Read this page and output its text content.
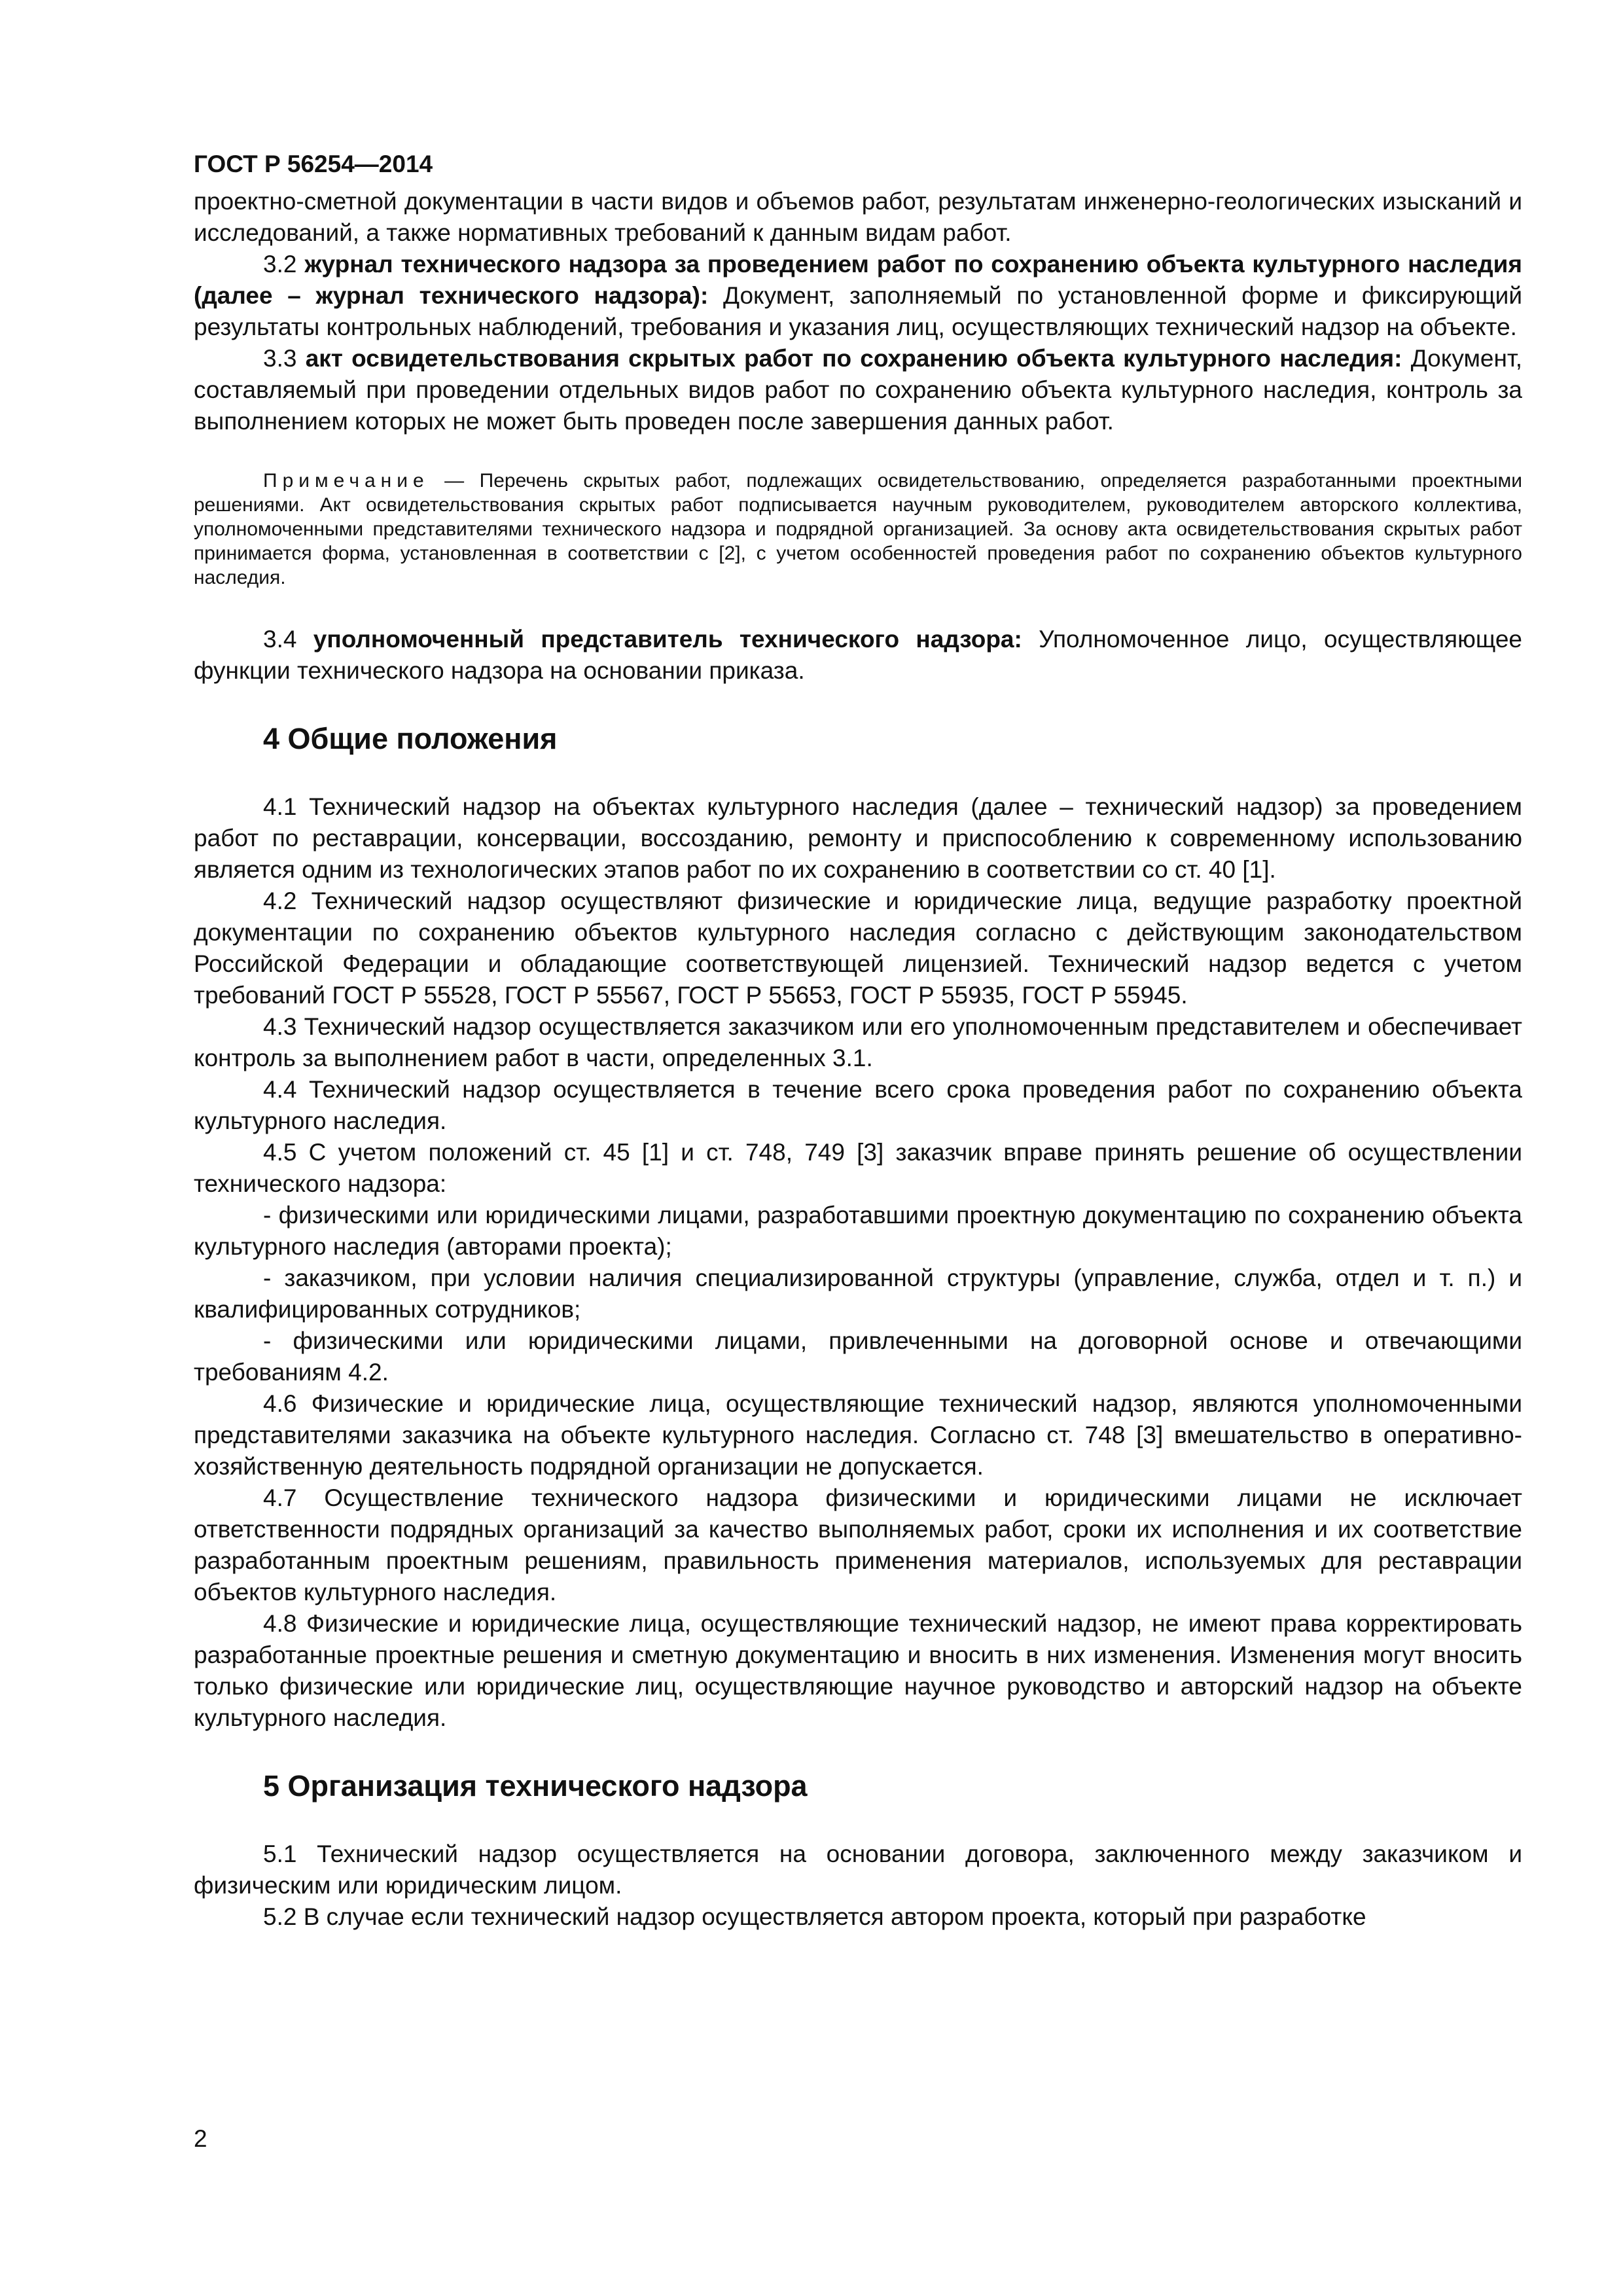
ГОСТ Р 56254—2014

проектно-сметной документации в части видов и объемов работ, результатам инженерно-геологических изысканий и исследований, а также нормативных требований к данным видам работ.

3.2 журнал технического надзора за проведением работ по сохранению объекта культурного наследия (далее – журнал технического надзора): Документ, заполняемый по установленной форме и фиксирующий результаты контрольных наблюдений, требования и указания лиц, осуществляющих технический надзор на объекте.

3.3 акт освидетельствования скрытых работ по сохранению объекта культурного наследия: Документ, составляемый при проведении отдельных видов работ по сохранению объекта культурного наследия, контроль за выполнением которых не может быть проведен после завершения данных работ.

Примечание — Перечень скрытых работ, подлежащих освидетельствованию, определяется разработанными проектными решениями. Акт освидетельствования скрытых работ подписывается научным руководителем, руководителем авторского коллектива, уполномоченными представителями технического надзора и подрядной организацией. За основу акта освидетельствования скрытых работ принимается форма, установленная в соответствии с [2], с учетом особенностей проведения работ по сохранению объектов культурного наследия.

3.4 уполномоченный представитель технического надзора: Уполномоченное лицо, осуществляющее функции технического надзора на основании приказа.

4 Общие положения

4.1 Технический надзор на объектах культурного наследия (далее – технический надзор) за проведением работ по реставрации, консервации, воссозданию, ремонту и приспособлению к современному использованию является одним из технологических этапов работ по их сохранению в соответствии со ст. 40 [1].

4.2 Технический надзор осуществляют физические и юридические лица, ведущие разработку проектной документации по сохранению объектов культурного наследия согласно с действующим законодательством Российской Федерации и обладающие соответствующей лицензией. Технический надзор ведется с учетом требований ГОСТ Р 55528, ГОСТ Р 55567, ГОСТ Р 55653, ГОСТ Р 55935, ГОСТ Р 55945.

4.3 Технический надзор осуществляется заказчиком или его уполномоченным представителем и обеспечивает контроль за выполнением работ в части, определенных 3.1.

4.4 Технический надзор осуществляется в течение всего срока проведения работ по сохранению объекта культурного наследия.

4.5 С учетом положений ст. 45 [1] и ст. 748, 749 [3] заказчик вправе принять решение об осуществлении технического надзора:

- физическими или юридическими лицами, разработавшими проектную документацию по сохранению объекта культурного наследия (авторами проекта);

- заказчиком, при условии наличия специализированной структуры (управление, служба, отдел и т. п.) и квалифицированных сотрудников;

- физическими или юридическими лицами, привлеченными на договорной основе и отвечающими требованиям 4.2.

4.6 Физические и юридические лица, осуществляющие технический надзор, являются уполномоченными представителями заказчика на объекте культурного наследия. Согласно ст. 748 [3] вмешательство в оперативно-хозяйственную деятельность подрядной организации не допускается.

4.7 Осуществление технического надзора физическими и юридическими лицами не исключает ответственности подрядных организаций за качество выполняемых работ, сроки их исполнения и их соответствие разработанным проектным решениям, правильность применения материалов, используемых для реставрации объектов культурного наследия.

4.8 Физические и юридические лица, осуществляющие технический надзор, не имеют права корректировать разработанные проектные решения и сметную документацию и вносить в них изменения. Изменения могут вносить только физические или юридические лиц, осуществляющие научное руководство и авторский надзор на объекте культурного наследия.

5 Организация технического надзора

5.1 Технический надзор осуществляется на основании договора, заключенного между заказчиком и физическим или юридическим лицом.

5.2 В случае если технический надзор осуществляется автором проекта, который при разработке

2
